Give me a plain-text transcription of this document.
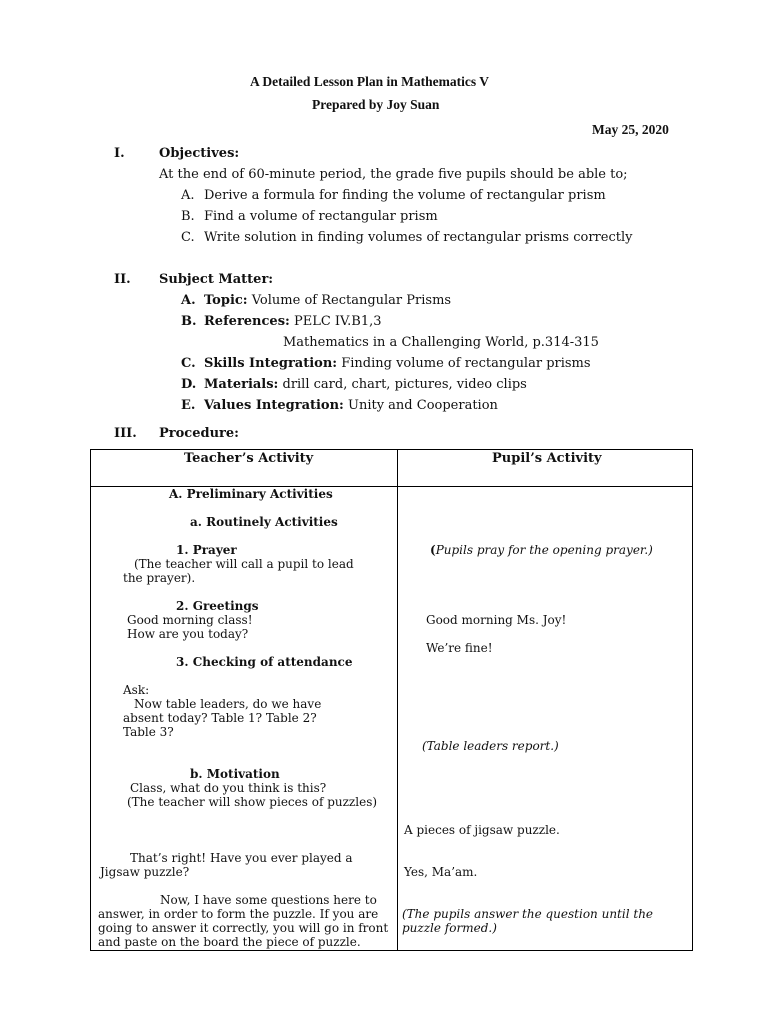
A Detailed Lesson Plan in Mathematics V
Prepared by Joy Suan
May 25, 2020
I.	Objectives:
At the end of 60-minute period, the grade five pupils should be able to;
A. Derive a formula for finding the volume of rectangular prism
B. Find a volume of rectangular prism
C. Write solution in finding volumes of rectangular prisms correctly
II. Subject Matter:
A. Topic: Volume of Rectangular Prisms
B. References: PELC IV.B1,3
Mathematics in a Challenging World, p.314-315
C. Skills Integration: Finding volume of rectangular prisms
D. Materials: drill card, chart, pictures, video clips
E. Values Integration: Unity and Cooperation
III. Procedure:
Teacher’s Activity	Pupil’s Activity
A. Preliminary Activities
a. Routinely Activities
1. Prayer
(The teacher will call a pupil to lead
the prayer).
2. Greetings
Good morning class!
How are you today?
3. Checking of attendance
Ask:
Now table leaders, do we have
absent today? Table 1? Table 2?
Table 3?
b. Motivation
Class, what do you think is this?
(The teacher will show pieces of puzzles)
That’s right! Have you ever played a
Jigsaw puzzle?
Now, I have some questions here to
answer, in order to form the puzzle. If you are
going to answer it correctly, you will go in front
and paste on the board the piece of puzzle.
(Pupils pray for the opening prayer.)
Good morning Ms. Joy!
We’re fine!
(Table leaders report.)
A pieces of jigsaw puzzle.
Yes, Ma’am.
(The pupils answer the question until the
puzzle formed.)
